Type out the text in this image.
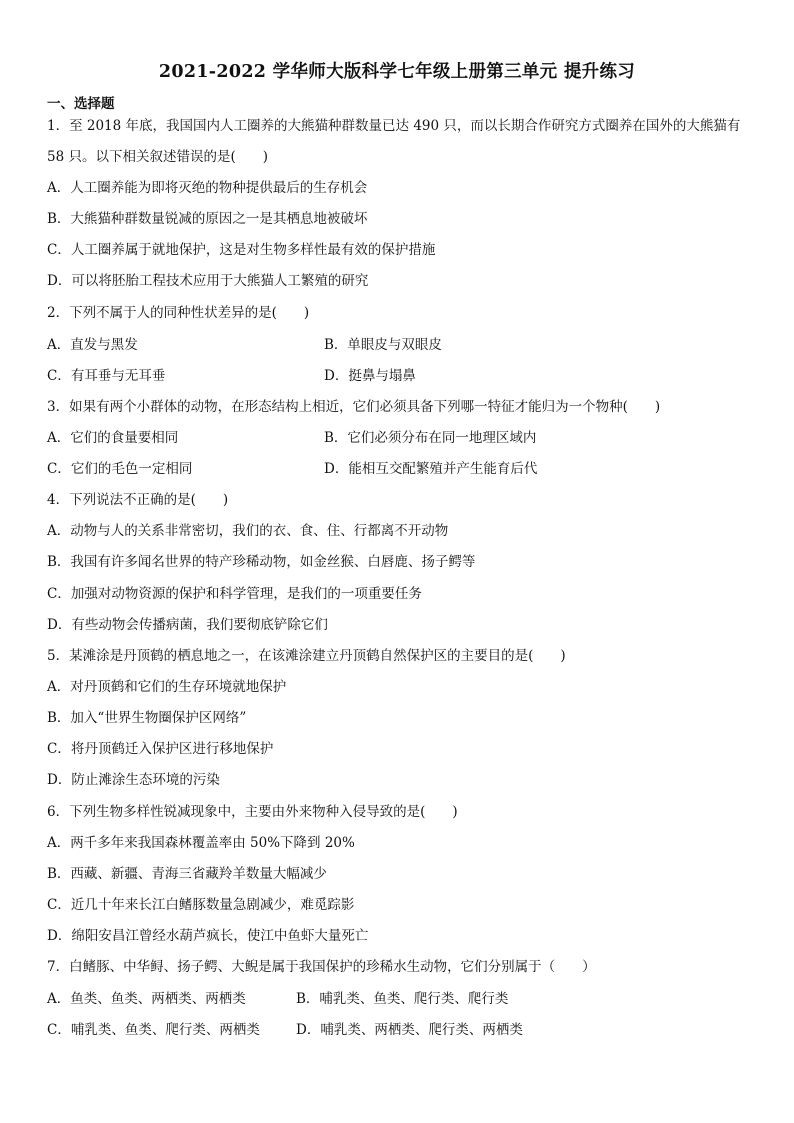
2021-2022 学华师大版科学七年级上册第三单元 提升练习
一、选择题
1．至 2018 年底，我国国内人工圈养的大熊猫种群数量已达 490 只，而以长期合作研究方式圈养在国外的大熊猫有
58 只。以下相关叙述错误的是(　　)
A．人工圈养能为即将灭绝的物种提供最后的生存机会
B．大熊猫种群数量锐减的原因之一是其栖息地被破坏
C．人工圈养属于就地保护，这是对生物多样性最有效的保护措施
D．可以将胚胎工程技术应用于大熊猫人工繁殖的研究
2．下列不属于人的同种性状差异的是(　　)
A．直发与黑发	B．单眼皮与双眼皮
C．有耳垂与无耳垂	D．挺鼻与塌鼻
3．如果有两个小群体的动物，在形态结构上相近，它们必须具备下列哪一特征才能归为一个物种(　　)
A．它们的食量要相同	B．它们必须分布在同一地理区域内
C．它们的毛色一定相同	D．能相互交配繁殖并产生能育后代
4．下列说法不正确的是(　　)
A．动物与人的关系非常密切，我们的衣、食、住、行都离不开动物
B．我国有许多闻名世界的特产珍稀动物，如金丝猴、白唇鹿、扬子鳄等
C．加强对动物资源的保护和科学管理，是我们的一项重要任务
D．有些动物会传播病菌，我们要彻底铲除它们
5．某滩涂是丹顶鹤的栖息地之一，在该滩涂建立丹顶鹤自然保护区的主要目的是(　　)
A．对丹顶鹤和它们的生存环境就地保护
B．加入“世界生物圈保护区网络”
C．将丹顶鹤迁入保护区进行移地保护
D．防止滩涂生态环境的污染
6．下列生物多样性锐减现象中，主要由外来物种入侵导致的是(　　)
A．两千多年来我国森林覆盖率由 50%下降到 20%
B．西藏、新疆、青海三省藏羚羊数量大幅减少
C．近几十年来长江白鳍豚数量急剧减少，难觅踪影
D．绵阳安昌江曾经水葫芦疯长，使江中鱼虾大量死亡
7．白鳍豚、中华鲟、扬子鳄、大鲵是属于我国保护的珍稀水生动物，它们分别属于（　　）
A．鱼类、鱼类、两栖类、两栖类	B．哺乳类、鱼类、爬行类、爬行类
C．哺乳类、鱼类、爬行类、两栖类	D．哺乳类、两栖类、爬行类、两栖类
